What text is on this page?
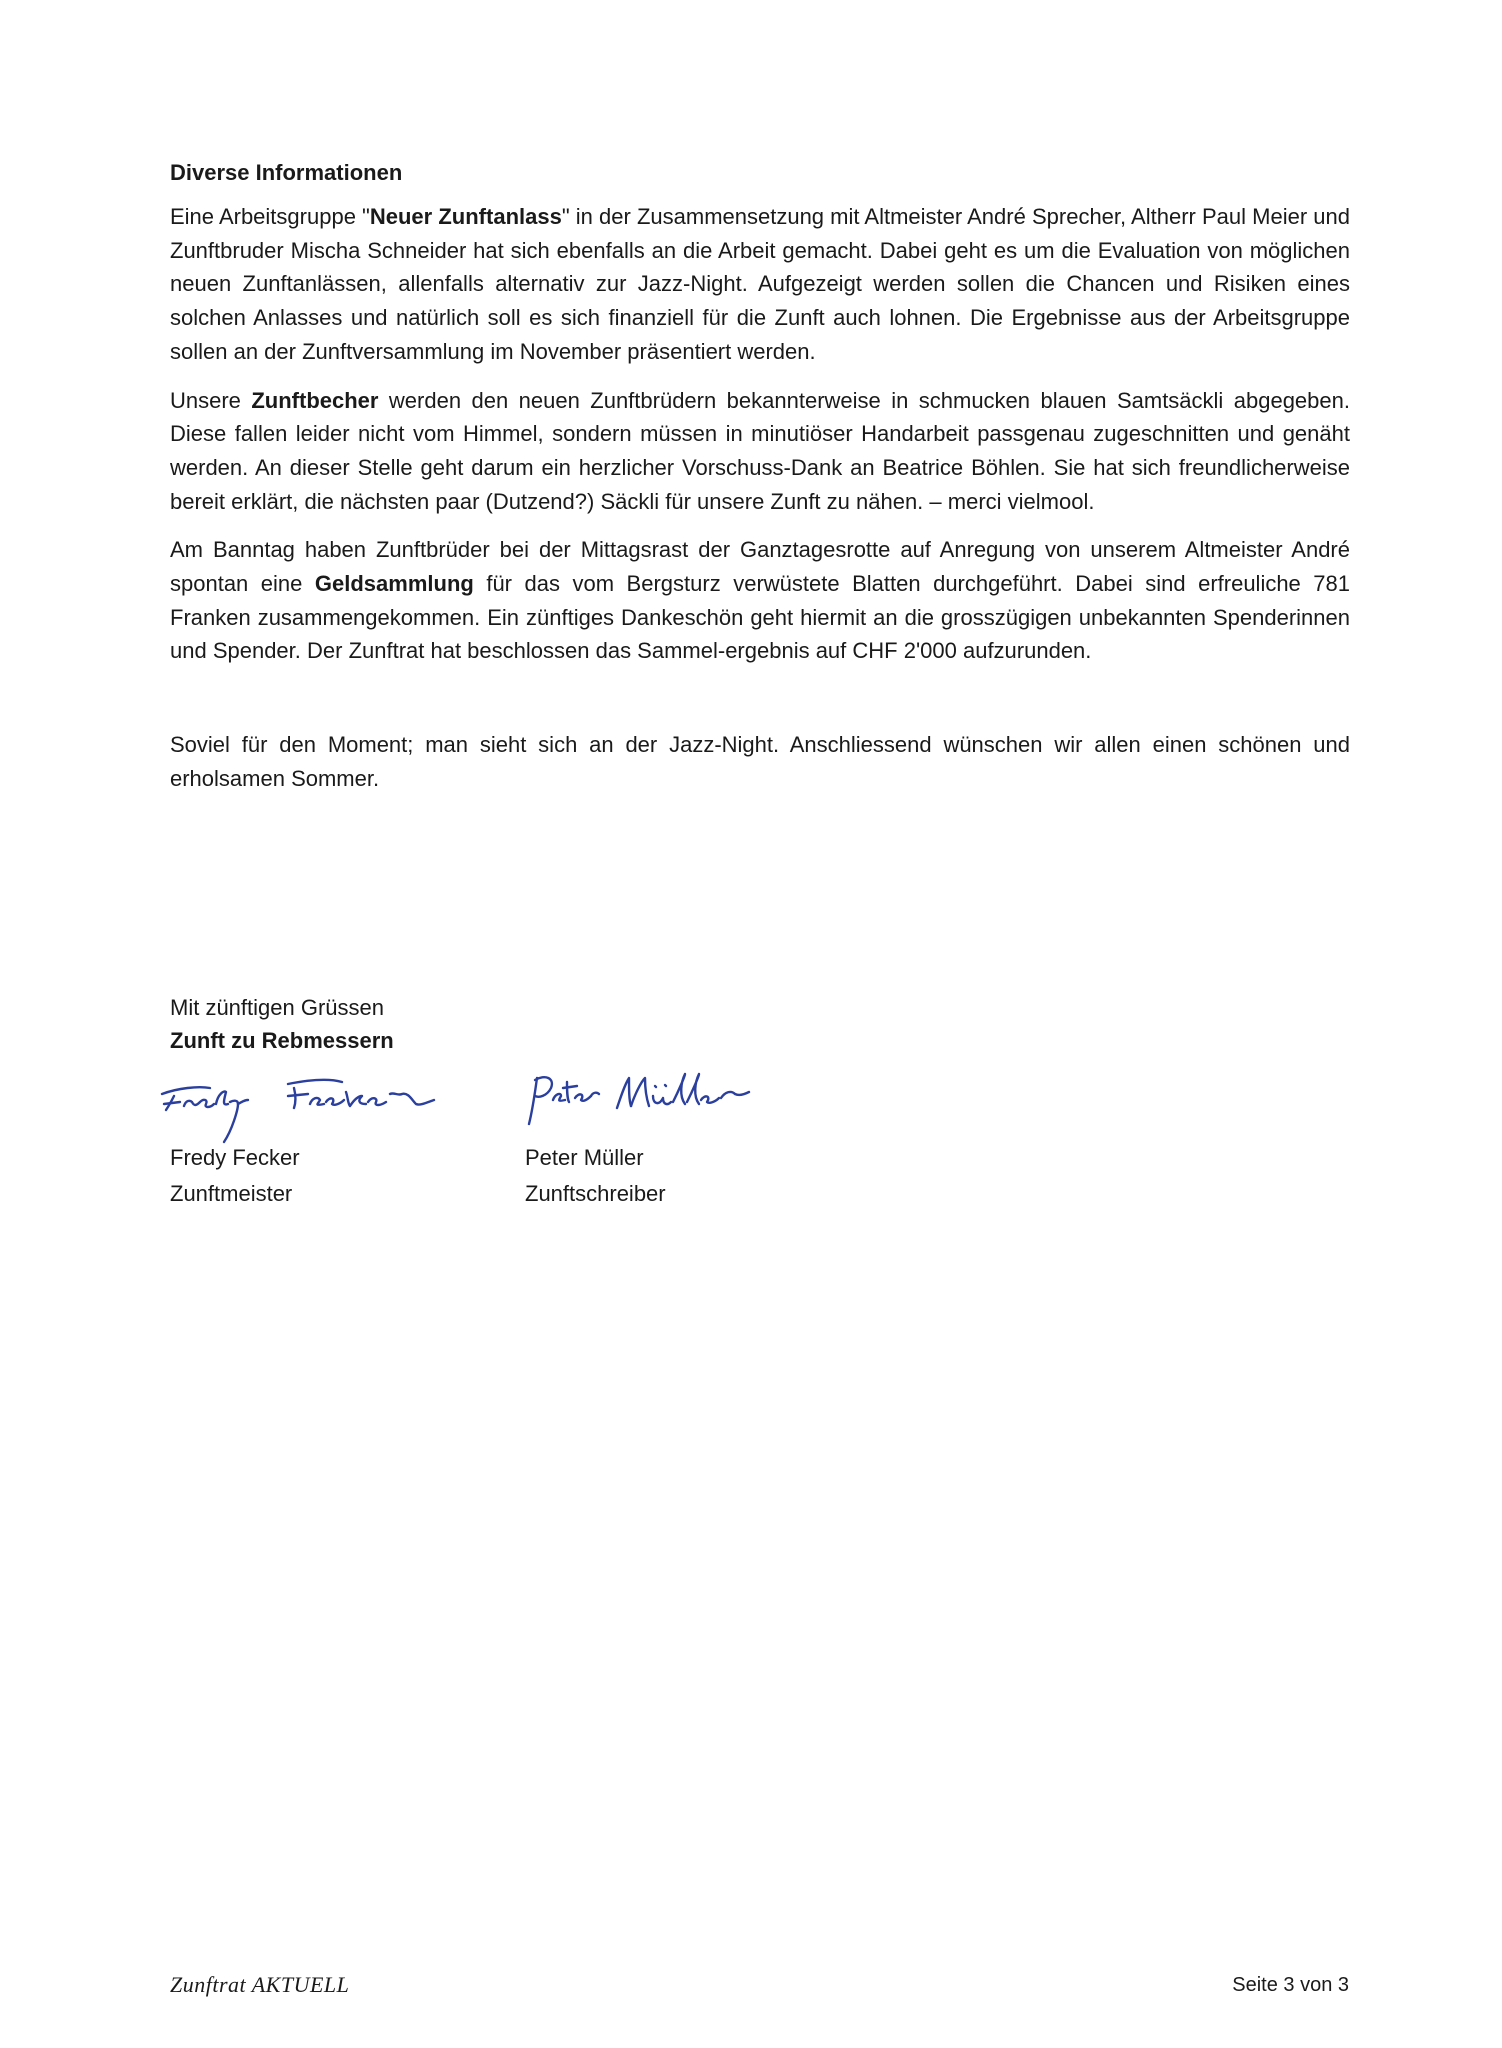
Diverse Informationen

Eine Arbeitsgruppe "Neuer Zunftanlass" in der Zusammensetzung mit Altmeister André Sprecher, Altherr Paul Meier und Zunftbruder Mischa Schneider hat sich ebenfalls an die Arbeit gemacht. Dabei geht es um die Evaluation von möglichen neuen Zunftanlässen, allenfalls alternativ zur Jazz-Night. Aufgezeigt werden sollen die Chancen und Risiken eines solchen Anlasses und natürlich soll es sich finanziell für die Zunft auch lohnen. Die Ergebnisse aus der Arbeitsgruppe sollen an der Zunftversammlung im November präsentiert werden.

Unsere Zunftbecher werden den neuen Zunftbrüdern bekannterweise in schmucken blauen Samtsäckli abgegeben. Diese fallen leider nicht vom Himmel, sondern müssen in minutiöser Handarbeit passgenau zugeschnitten und genäht werden. An dieser Stelle geht darum ein herzlicher Vorschuss-Dank an Beatrice Böhlen. Sie hat sich freundlicherweise bereit erklärt, die nächsten paar (Dutzend?) Säckli für unsere Zunft zu nähen. – merci vielmool.

Am Banntag haben Zunftbrüder bei der Mittagsrast der Ganztagesrotte auf Anregung von unserem Altmeister André spontan eine Geldsammlung für das vom Bergsturz verwüstete Blatten durchgeführt. Dabei sind erfreuliche 781 Franken zusammengekommen. Ein zünftiges Dankeschön geht hiermit an die grosszügigen unbekannten Spenderinnen und Spender. Der Zunftrat hat beschlossen das Sammel-ergebnis auf CHF 2'000 aufzurunden.

Soviel für den Moment; man sieht sich an der Jazz-Night. Anschliessend wünschen wir allen einen schönen und erholsamen Sommer.

Mit zünftigen Grüssen
Zunft zu Rebmessern
Fredy Fecker
Zunftmeister
Peter Müller
Zunftschreiber
Zunftrat AKTUELL	Seite 3 von 3
